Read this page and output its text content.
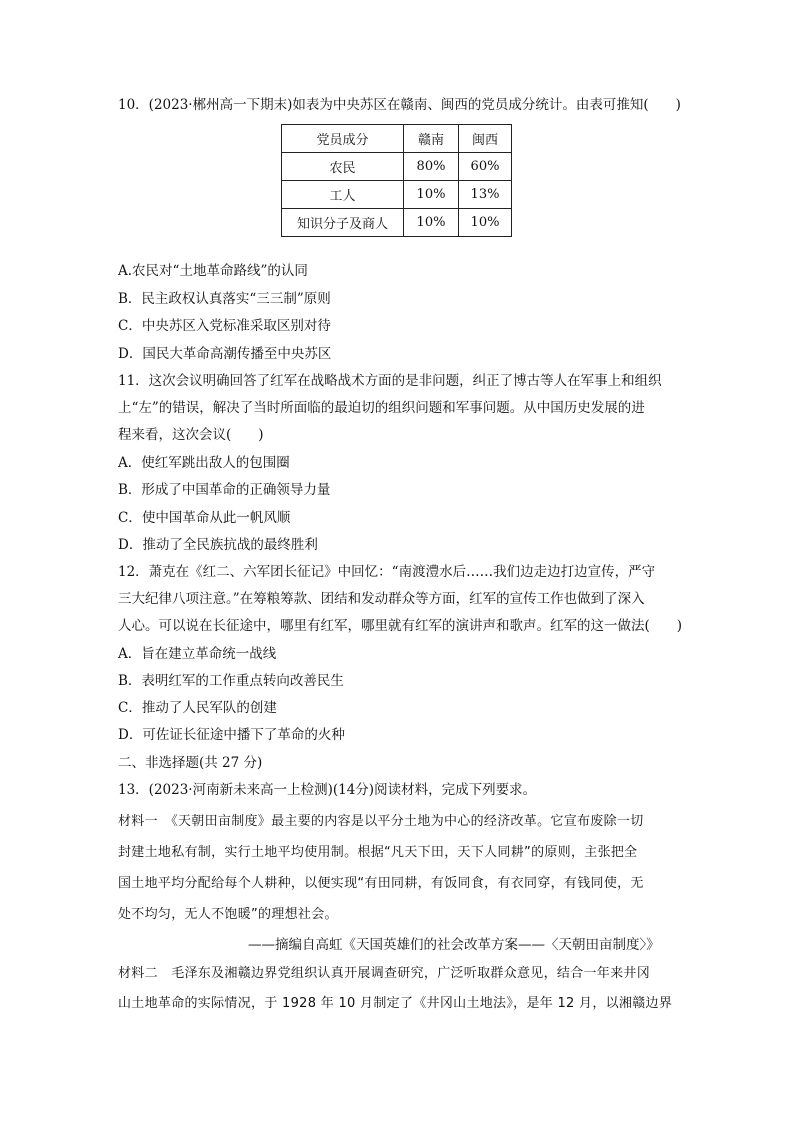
10．(2023·郴州高一下期末)如表为中央苏区在赣南、闽西的党员成分统计。由表可推知(　　)
党员成分	赣南	闽西
农民	80%	60%
工人	10%	13%
知识分子及商人	10%	10%
A.农民对“土地革命路线”的认同
B．民主政权认真落实“三三制”原则
C．中央苏区入党标准采取区别对待
D．国民大革命高潮传播至中央苏区
11．这次会议明确回答了红军在战略战术方面的是非问题，纠正了博古等人在军事上和组织
上“左”的错误，解决了当时所面临的最迫切的组织问题和军事问题。从中国历史发展的进
程来看，这次会议(　　)
A．使红军跳出敌人的包围圈
B．形成了中国革命的正确领导力量
C．使中国革命从此一帆风顺
D．推动了全民族抗战的最终胜利
12．萧克在《红二、六军团长征记》中回忆：“南渡澧水后……我们边走边打边宣传，严守
三大纪律八项注意。”在筹粮筹款、团结和发动群众等方面，红军的宣传工作也做到了深入
人心。可以说在长征途中，哪里有红军，哪里就有红军的演讲声和歌声。红军的这一做法(　　)
A．旨在建立革命统一战线
B．表明红军的工作重点转向改善民生
C．推动了人民军队的创建
D．可佐证长征途中播下了革命的火种
二、非选择题(共 27 分)
13．(2023·河南新未来高一上检测)(14分)阅读材料，完成下列要求。
材料一　《天朝田亩制度》最主要的内容是以平分土地为中心的经济改革。它宣布废除一切
封建土地私有制，实行土地平均使用制。根据“凡天下田，天下人同耕”的原则，主张把全
国土地平均分配给每个人耕种，以便实现“有田同耕，有饭同食，有衣同穿，有钱同使，无
处不均匀，无人不饱暖”的理想社会。
——摘编自高虹《天国英雄们的社会改革方案——〈天朝田亩制度〉》
材料二　毛泽东及湘赣边界党组织认真开展调查研究，广泛听取群众意见，结合一年来井冈
山土地革命的实际情况，于 1928 年 10 月制定了《井冈山土地法》，是年 12 月，以湘赣边界
